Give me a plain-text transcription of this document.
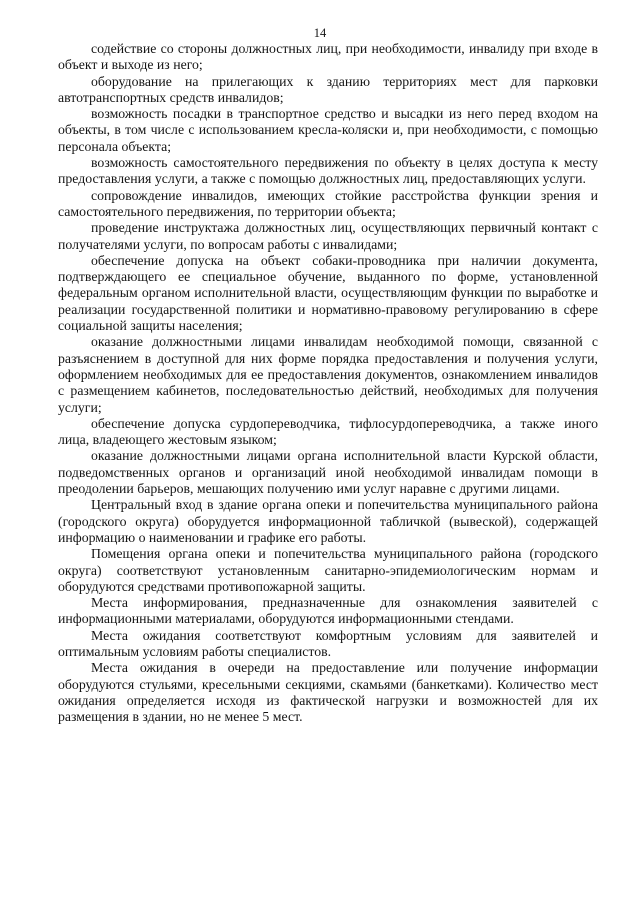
14

содействие со стороны должностных лиц, при необходимости, инвалиду при входе в объект и выходе из него;

оборудование на прилегающих к зданию территориях мест для парковки автотранспортных средств инвалидов;

возможность посадки в транспортное средство и высадки из него перед входом на объекты, в том числе с использованием кресла-коляски и, при необходимости, с помощью персонала объекта;

возможность самостоятельного передвижения по объекту в целях доступа к месту предоставления услуги, а также с помощью должностных лиц, предоставляющих услуги.

сопровождение инвалидов, имеющих стойкие расстройства функции зрения и самостоятельного передвижения, по территории объекта;

проведение инструктажа должностных лиц, осуществляющих первичный контакт с получателями услуги, по вопросам работы с инвалидами;

обеспечение допуска на объект собаки-проводника при наличии документа, подтверждающего ее специальное обучение, выданного по форме, установленной федеральным органом исполнительной власти, осуществляющим функции по выработке и реализации государственной политики и нормативно-правовому регулированию в сфере социальной защиты населения;

оказание должностными лицами инвалидам необходимой помощи, связанной с разъяснением в доступной для них форме порядка предоставления и получения услуги, оформлением необходимых для ее предоставления документов, ознакомлением инвалидов с размещением кабинетов, последовательностью действий, необходимых для получения услуги;

обеспечение допуска сурдопереводчика, тифлосурдопереводчика, а также иного лица, владеющего жестовым языком;

оказание должностными лицами органа исполнительной власти Курской области, подведомственных органов и организаций иной необходимой инвалидам помощи в преодолении барьеров, мешающих получению ими услуг наравне с другими лицами.

Центральный вход в здание органа опеки и попечительства муниципального района (городского округа) оборудуется информационной табличкой (вывеской), содержащей информацию о наименовании и графике его работы.

Помещения органа опеки и попечительства муниципального района (городского округа) соответствуют установленным санитарно-эпидемиологическим нормам и оборудуются средствами противопожарной защиты.

Места информирования, предназначенные для ознакомления заявителей с информационными материалами, оборудуются информационными стендами.

Места ожидания соответствуют комфортным условиям для заявителей и оптимальным условиям работы специалистов.

Места ожидания в очереди на предоставление или получение информации оборудуются стульями, кресельными секциями, скамьями (банкетками). Количество мест ожидания определяется исходя из фактической нагрузки и возможностей для их размещения в здании, но не менее 5 мест.
